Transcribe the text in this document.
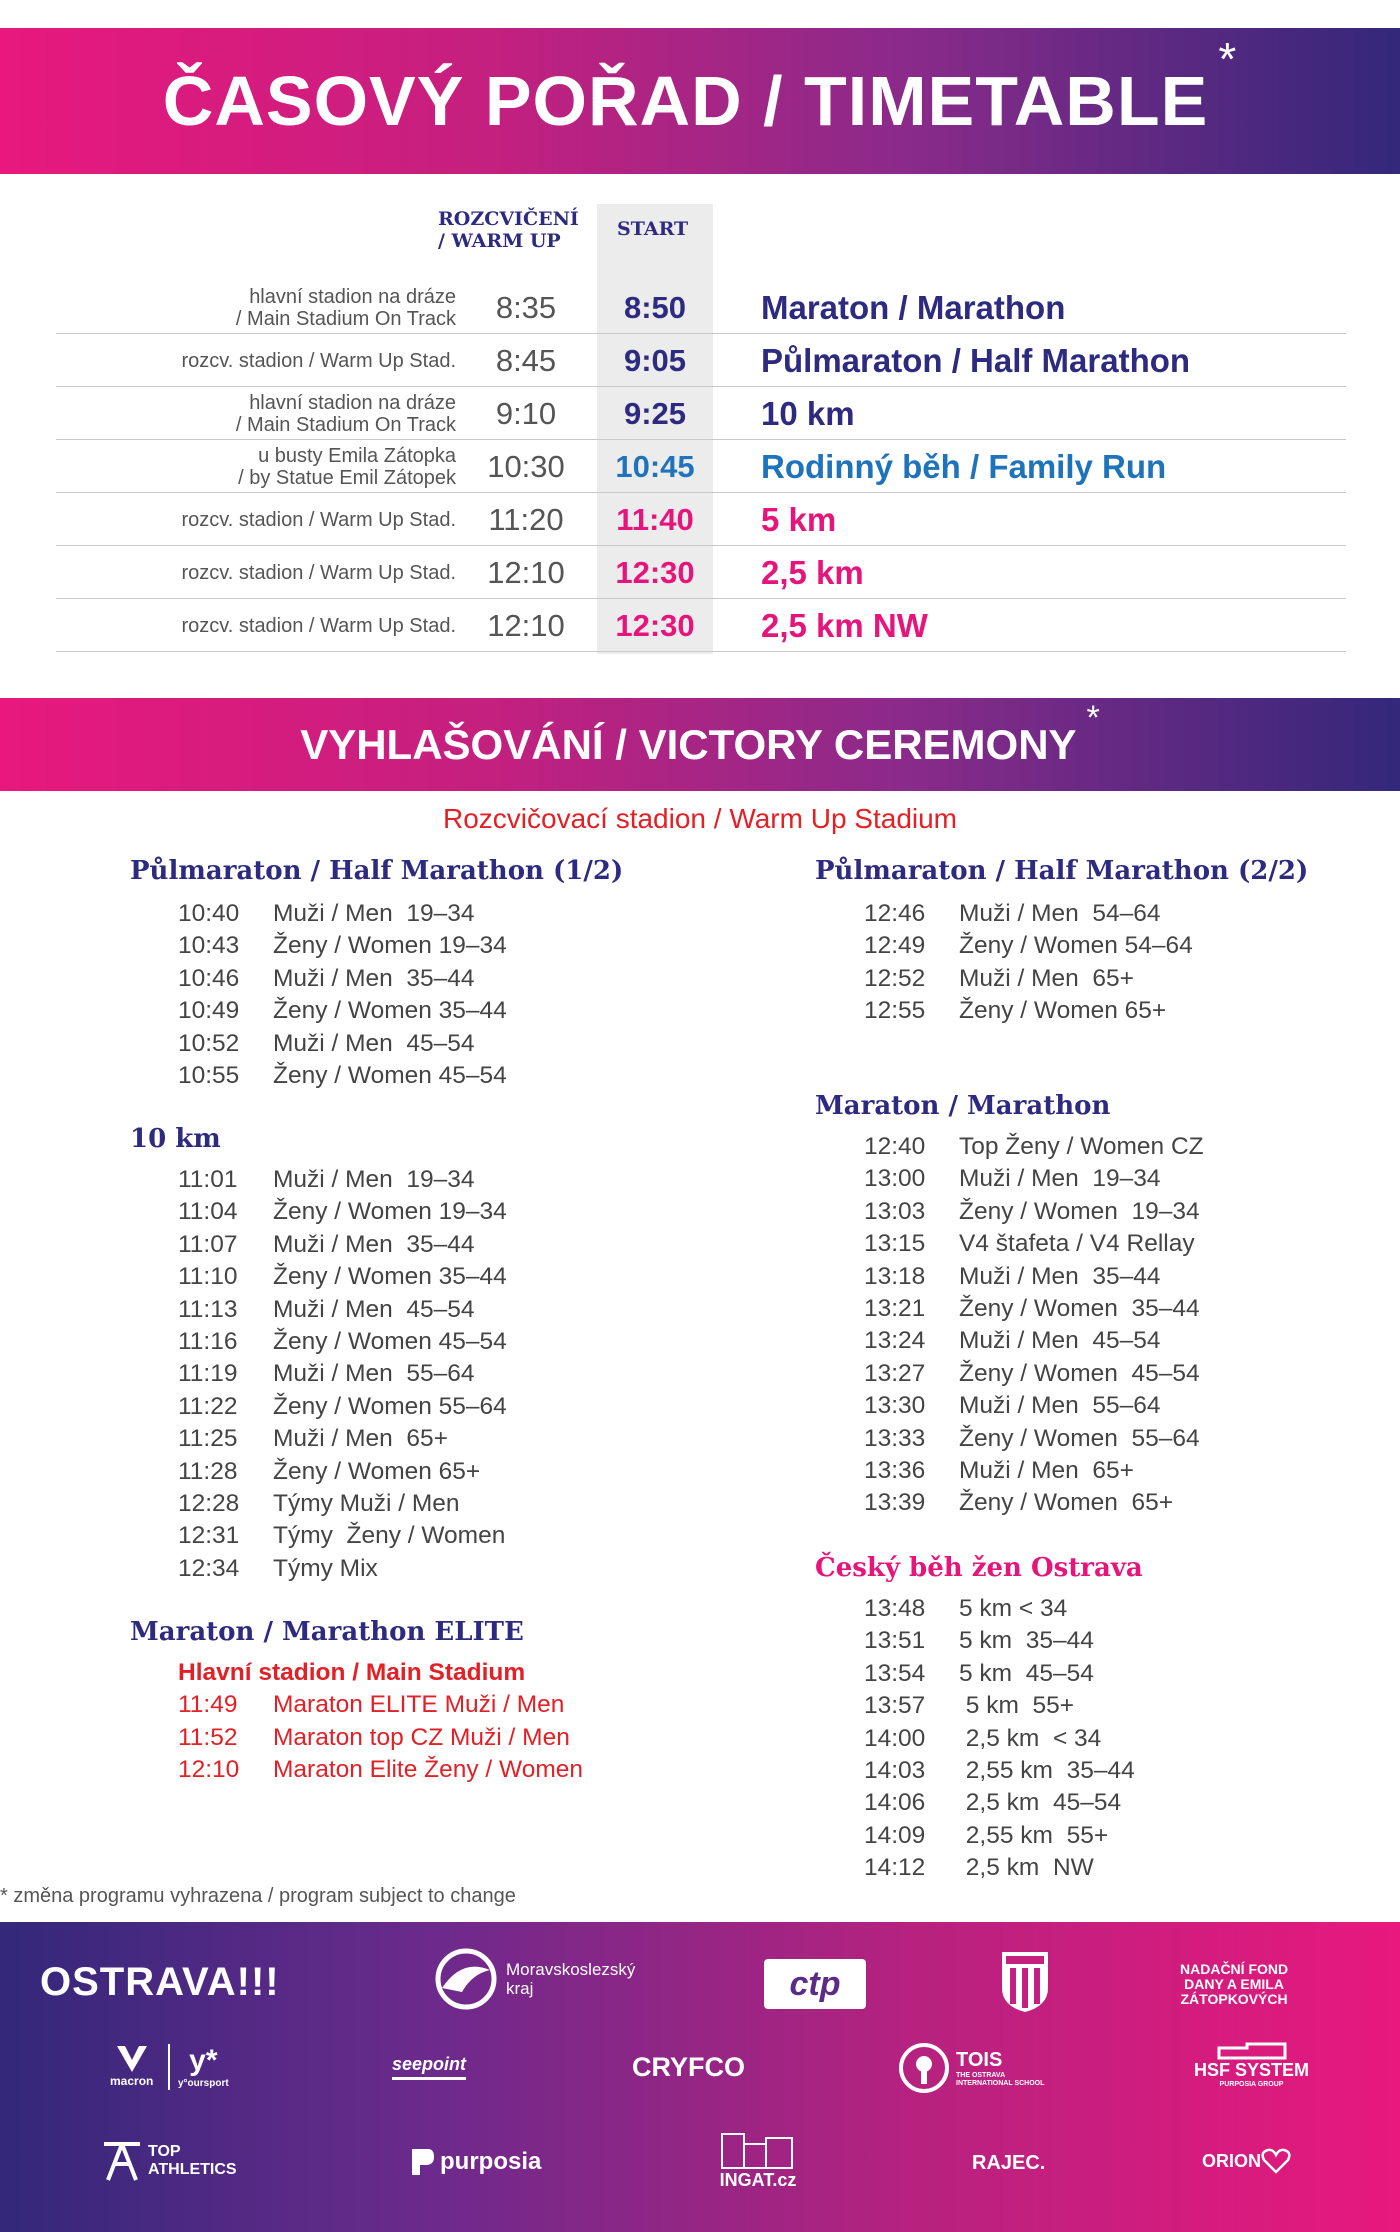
ČASOVÝ POŘAD / TIMETABLE
*
ROZCVIČENÍ
/ WARM UP
START
hlavní stadion na dráze
/ Main Stadium On Track	8:35	8:50	Maraton / Marathon
rozcv. stadion / Warm Up Stad.	8:45	9:05	Půlmaraton / Half Marathon
hlavní stadion na dráze
/ Main Stadium On Track	9:10	9:25	10 km
u busty Emila Zátopka
/ by Statue Emil Zátopek	10:30	10:45	Rodinný běh / Family Run
rozcv. stadion / Warm Up Stad.	11:20	11:40	5 km
rozcv. stadion / Warm Up Stad.	12:10	12:30	2,5 km
rozcv. stadion / Warm Up Stad.	12:10	12:30	2,5 km NW
VYHLAŠOVÁNÍ / VICTORY CEREMONY
*
Rozcvičovací stadion / Warm Up Stadium
Půlmaraton / Half Marathon (1/2)
10:40 Muži / Men  19–34
10:43 Ženy / Women 19–34
10:46 Muži / Men  35–44
10:49 Ženy / Women 35–44
10:52 Muži / Men  45–54
10:55 Ženy / Women 45–54
10 km
11:01 Muži / Men  19–34
11:04 Ženy / Women 19–34
11:07 Muži / Men  35–44
11:10 Ženy / Women 35–44
11:13 Muži / Men  45–54
11:16 Ženy / Women 45–54
11:19 Muži / Men  55–64
11:22 Ženy / Women 55–64
11:25 Muži / Men  65+
11:28 Ženy / Women 65+
12:28 Týmy Muži / Men
12:31 Týmy  Ženy / Women
12:34 Týmy Mix
Maraton / Marathon ELITE
Hlavní stadion / Main Stadium
11:49 Maraton ELITE Muži / Men
11:52 Maraton top CZ Muži / Men
12:10 Maraton Elite Ženy / Women
Půlmaraton / Half Marathon (2/2)
12:46 Muži / Men  54–64
12:49 Ženy / Women 54–64
12:52 Muži / Men  65+
12:55 Ženy / Women 65+
Maraton / Marathon
12:40 Top Ženy / Women CZ
13:00 Muži / Men  19–34
13:03 Ženy / Women  19–34
13:15 V4 štafeta / V4 Rellay
13:18 Muži / Men  35–44
13:21 Ženy / Women  35–44
13:24 Muži / Men  45–54
13:27 Ženy / Women  45–54
13:30 Muži / Men  55–64
13:33 Ženy / Women  55–64
13:36 Muži / Men  65+
13:39 Ženy / Women  65+
Český běh žen Ostrava
13:48 5 km < 34
13:51 5 km  35–44
13:54 5 km  45–54
13:57 5 km  55+
14:00 2,5 km  < 34
14:03 2,55 km  35–44
14:06 2,5 km  45–54
14:09 2,55 km  55+
14:12 2,5 km  NW
* změna programu vyhrazena / program subject to change
OSTRAVA!!!	Moravskoslezský
kraj	ctp	NADAČNÍ FOND
DANY A EMILA
ZÁTOPKOVÝCH
macron
y*
y°oursport
seepoint	CRYFCO	TOIS
THE OSTRAVA INTERNATIONAL SCHOOL
HSF SYSTEM
PURPOSIA GROUP
TOP
ATHLETICS	purposia
INGAT.cz
RAJEC.	ORION
